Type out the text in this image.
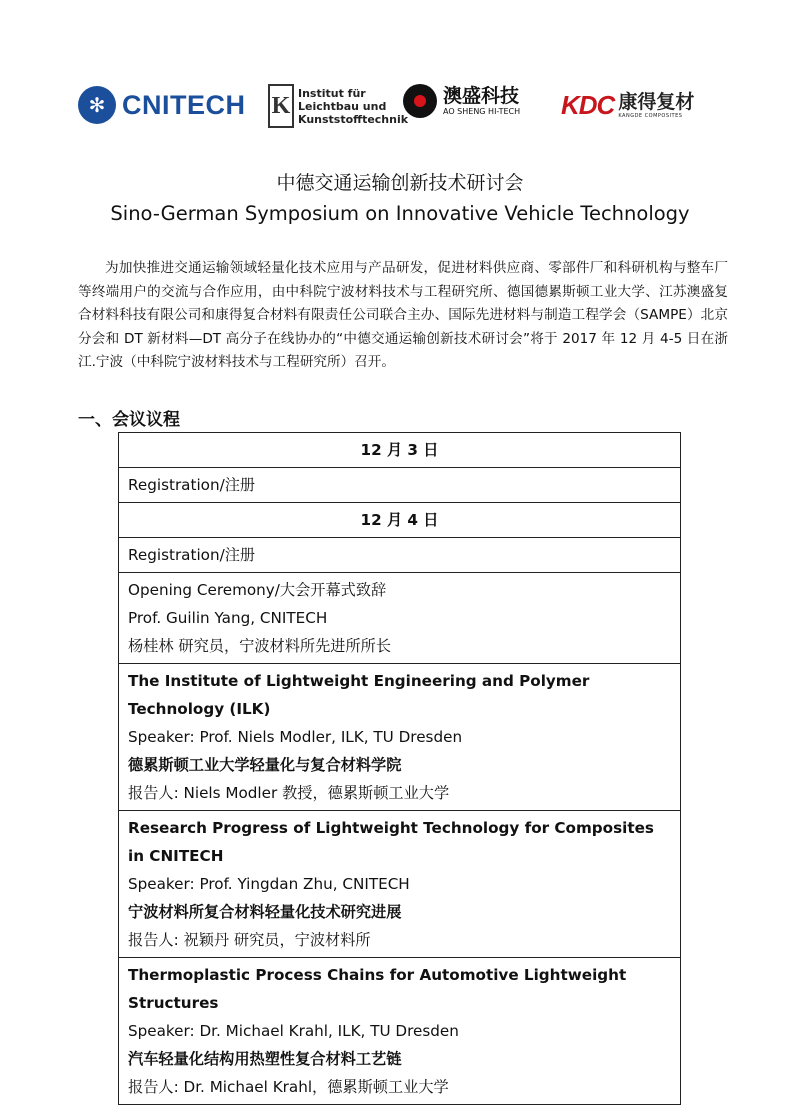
✻ CNITECH K Institut für
Leichtbau und
Kunststofftechnik
澳盛科技
AO SHENG HI-TECH KDC 康得复材
KANGDE COMPOSITES
中德交通运输创新技术研讨会
Sino-German Symposium on Innovative Vehicle Technology

为加快推进交通运输领域轻量化技术应用与产品研发，促进材料供应商、零部件厂和科研机构与整车厂等终端用户的交流与合作应用，由中科院宁波材料技术与工程研究所、德国德累斯顿工业大学、江苏澳盛复合材料科技有限公司和康得复合材料有限责任公司联合主办、国际先进材料与制造工程学会（SAMPE）北京分会和 DT 新材料—DT 高分子在线协办的“中德交通运输创新技术研讨会”将于 2017 年 12 月 4-5 日在浙江.宁波（中科院宁波材料技术与工程研究所）召开。

一、会议议程
12 月 3 日
Registration/注册
12 月 4 日
Registration/注册

Opening Ceremony/大会开幕式致辞
Prof. Guilin Yang, CNITECH
杨桂林 研究员，宁波材料所先进所所长

The Institute of Lightweight Engineering and Polymer Technology (ILK)
Speaker: Prof. Niels Modler, ILK, TU Dresden
德累斯顿工业大学轻量化与复合材料学院
报告人: Niels Modler 教授，德累斯顿工业大学

Research Progress of Lightweight Technology for Composites in CNITECH
Speaker: Prof. Yingdan Zhu, CNITECH
宁波材料所复合材料轻量化技术研究进展
报告人: 祝颖丹 研究员，宁波材料所

Thermoplastic Process Chains for Automotive Lightweight Structures
Speaker: Dr. Michael Krahl, ILK, TU Dresden
汽车轻量化结构用热塑性复合材料工艺链
报告人: Dr. Michael Krahl，德累斯顿工业大学
